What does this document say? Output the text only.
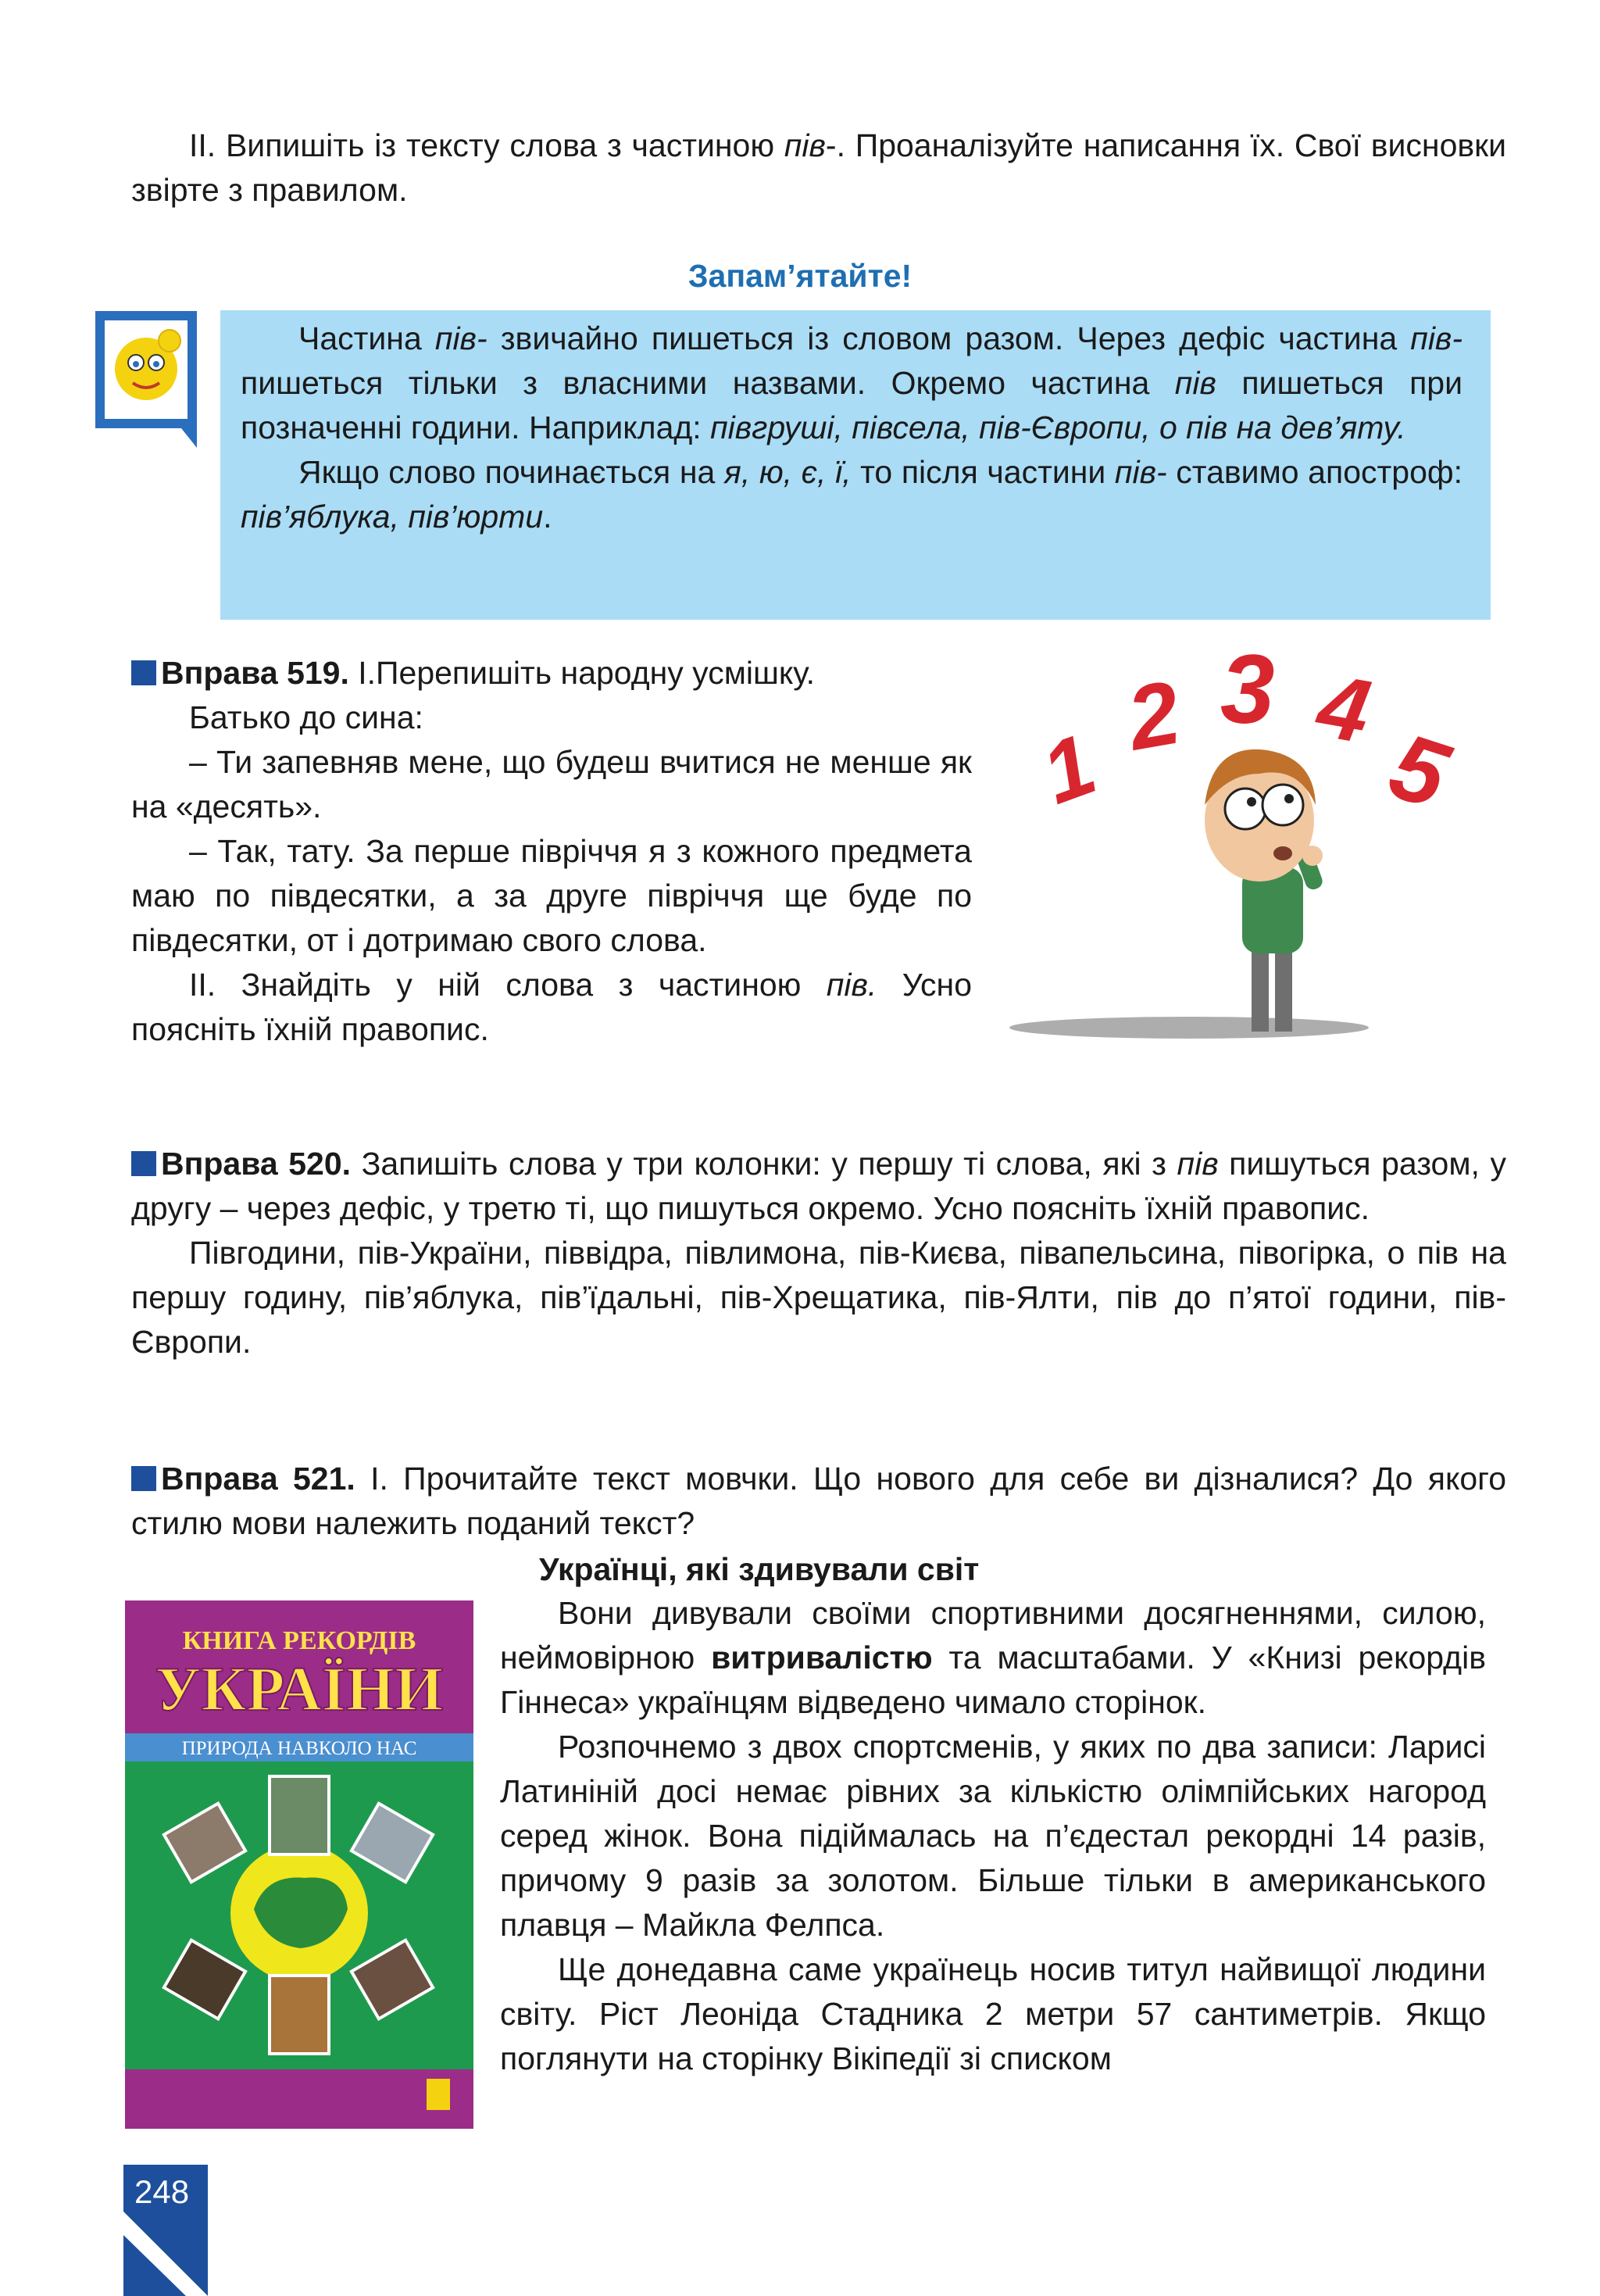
ІІ. Випишіть із тексту слова з частиною пів-. Проаналізуйте написання їх. Свої висновки звірте з правилом.

Запам’ятайте!

Частина пів- звичайно пишеться із словом разом. Через дефіс частина пів- пишеться тільки з власними назвами. Окремо частина пів пишеться при позначенні години. Наприклад: півгруші, півсела, пів-Європи, о пів на дев’яту.

Якщо слово починається на я, ю, є, ї, то після частини пів- ставимо апостроф: пів’яблука, пів’юрти.

Вправа 519. І.Перепишіть народну усмішку.

Батько до сина:

– Ти запевняв мене, що будеш вчитися не менше як на «десять».

– Так, тату. За перше півріччя я з кожного предмета маю по півдесятки, а за друге півріччя ще буде по півдесятки, от і дотримаю свого слова.

ІІ. Знайдіть у ній слова з частиною пів. Усно поясніть їхній правопис.

1 2 3 4
5

Вправа 520. Запишіть слова у три колонки: у першу ті слова, які з пів пишуться разом, у другу – через дефіс, у третю ті, що пишуться окремо. Усно поясніть їхній правопис.

Півгодини, пів-України, піввідра, півлимона, пів-Києва, півапельсина, півогірка, о пів на першу годину, пів’яблука, пів’їдальні, пів-Хрещатика, пів-Ялти, пів до п’ятої години, пів-Європи.

Вправа 521. І. Прочитайте текст мовчки. Що нового для себе ви дізналися? До якого стилю мови належить поданий текст?

Українці, які здивували світ
КНИГА РЕКОРДІВ
УКРАЇНИ
ПРИРОДА НАВКОЛО НАС

Вони дивували своїми спортивними досягненнями, силою, неймовірною витривалістю та масштабами. У «Книзі рекордів Гіннеса» українцям відведено чимало сторінок.

Розпочнемо з двох спортсменів, у яких по два записи: Ларисі Латиніній досі немає рівних за кількістю олімпійських нагород серед жінок. Вона підіймалась на п’єдестал рекордні 14 разів, причому 9 разів за золотом. Більше тільки в американського плавця – Майкла Фелпса.

Ще донедавна саме українець носив титул найвищої людини світу. Ріст Леоніда Стадника 2 метри 57 сантиметрів. Якщо поглянути на сторінку Вікіпедії зі списком

248
